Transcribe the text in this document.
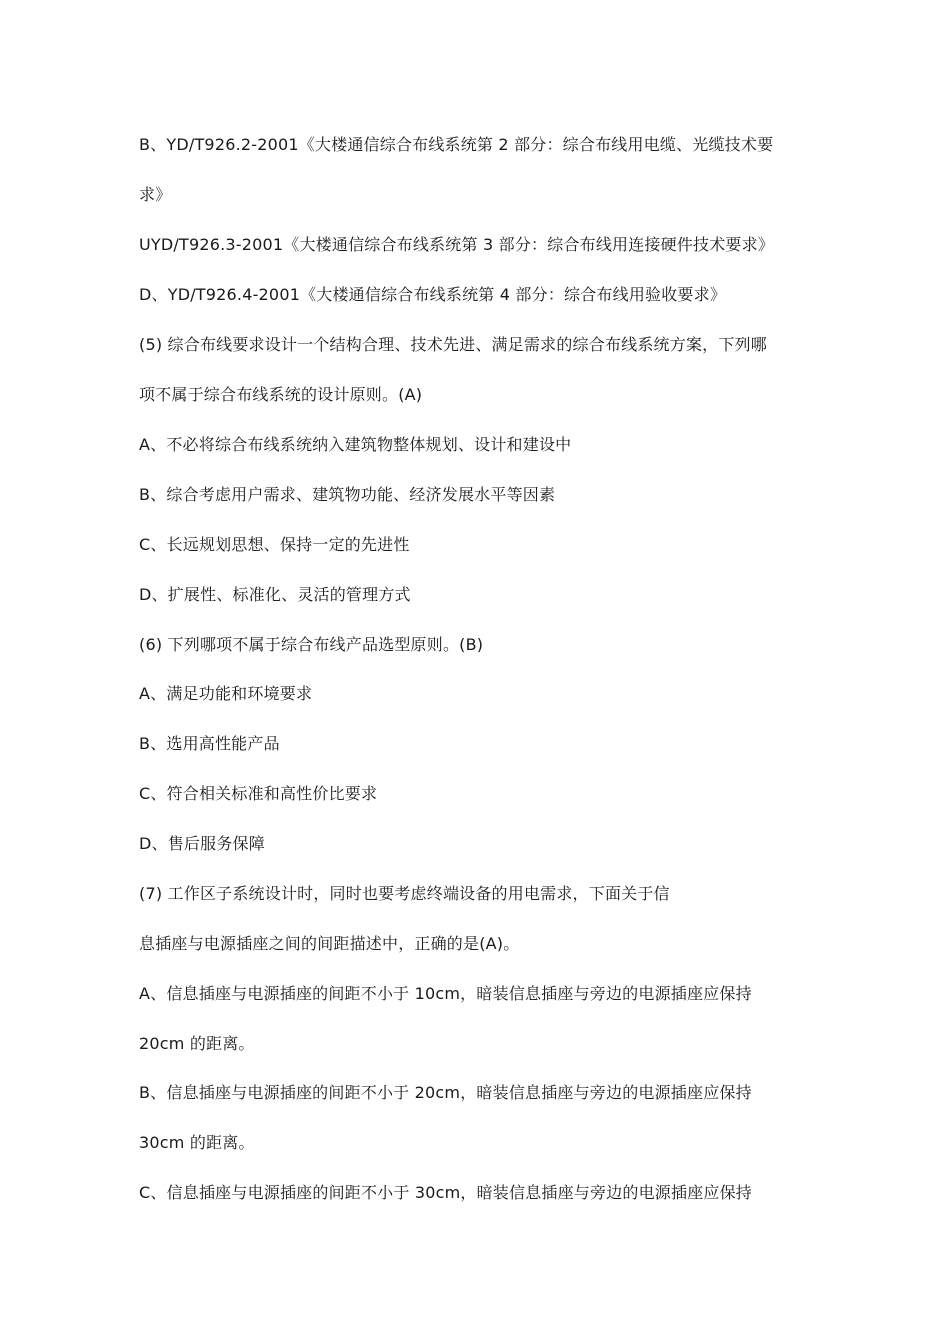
B、YD/T926.2-2001《大楼通信综合布线系统第 2 部分：综合布线用电缆、光缆技术要
求》
UYD/T926.3-2001《大楼通信综合布线系统第 3 部分：综合布线用连接硬件技术要求》
D、YD/T926.4-2001《大楼通信综合布线系统第 4 部分：综合布线用验收要求》
(5) 综合布线要求设计一个结构合理、技术先进、满足需求的综合布线系统方案，下列哪
项不属于综合布线系统的设计原则。(A)
A、不必将综合布线系统纳入建筑物整体规划、设计和建设中
B、综合考虑用户需求、建筑物功能、经济发展水平等因素
C、长远规划思想、保持一定的先进性
D、扩展性、标准化、灵活的管理方式
(6) 下列哪项不属于综合布线产品选型原则。(B)
A、满足功能和环境要求
B、选用高性能产品
C、符合相关标准和高性价比要求
D、售后服务保障
(7) 工作区子系统设计时，同时也要考虑终端设备的用电需求，下面关于信
息插座与电源插座之间的间距描述中，正确的是(A)。
A、信息插座与电源插座的间距不小于 10cm，暗装信息插座与旁边的电源插座应保持
20cm 的距离。
B、信息插座与电源插座的间距不小于 20cm，暗装信息插座与旁边的电源插座应保持
30cm 的距离。
C、信息插座与电源插座的间距不小于 30cm，暗装信息插座与旁边的电源插座应保持
